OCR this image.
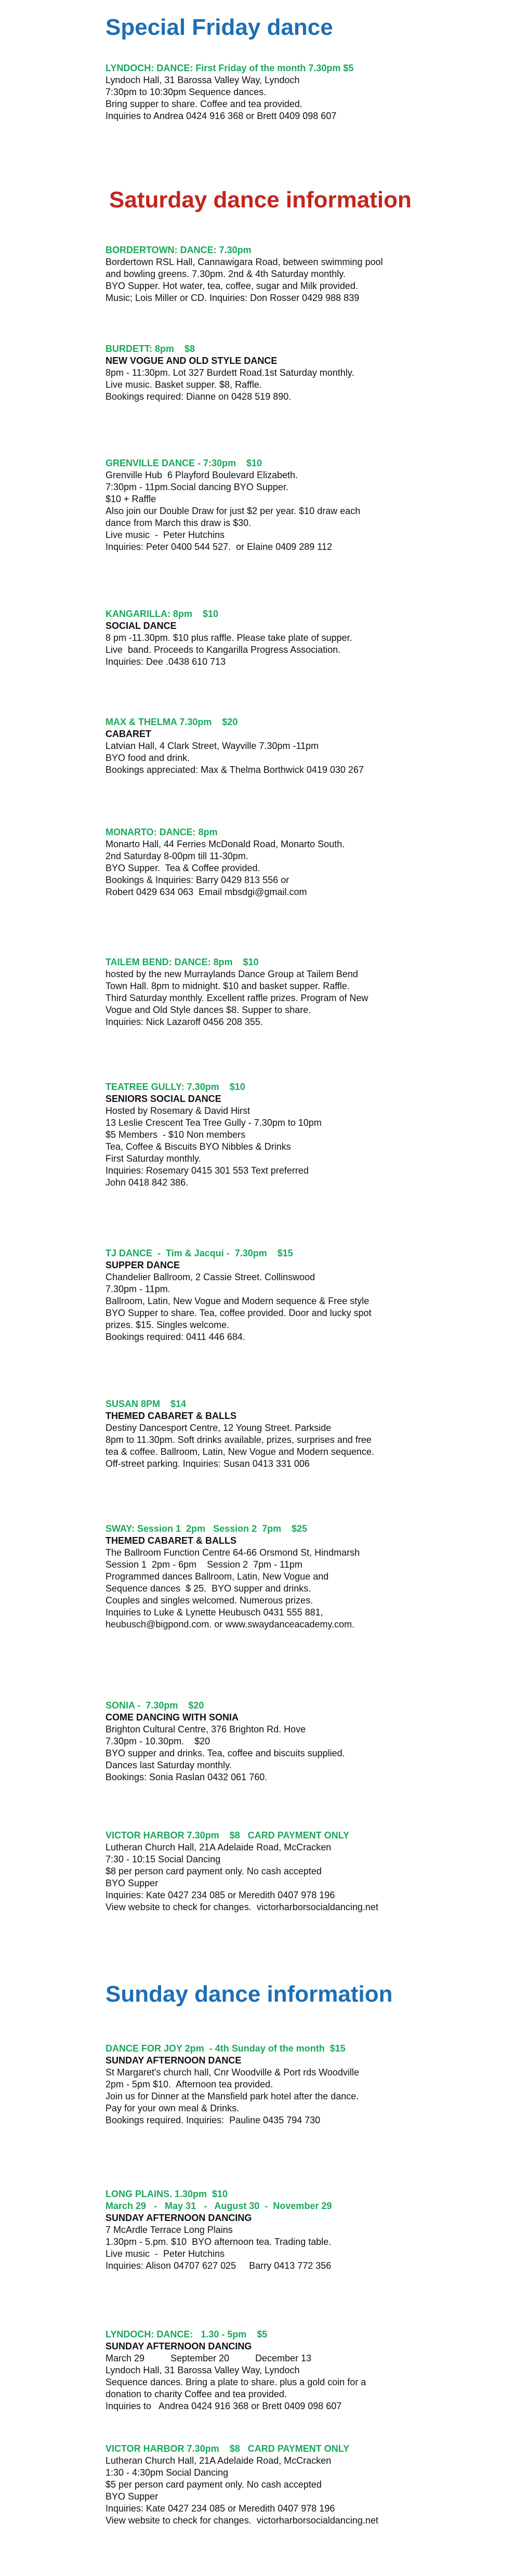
Special Friday dance
Saturday dance information
Sunday dance information

LYNDOCH: DANCE: First Friday of the month 7.30pm $5

Lyndoch Hall, 31 Barossa Valley Way, Lyndoch

7:30pm to 10:30pm Sequence dances.

Bring supper to share. Coffee and tea provided.

Inquiries to Andrea 0424 916 368 or Brett 0409 098 607

BORDERTOWN: DANCE: 7.30pm

Bordertown RSL Hall, Cannawigara Road, between swimming pool

and bowling greens. 7.30pm. 2nd & 4th Saturday monthly.

BYO Supper. Hot water, tea, coffee, sugar and Milk provided.

Music; Lois Miller or CD. Inquiries: Don Rosser 0429 988 839

BURDETT: 8pm    $8

NEW VOGUE AND OLD STYLE DANCE

8pm - 11:30pm. Lot 327 Burdett Road.1st Saturday monthly.

Live music. Basket supper. $8, Raffle.

Bookings required: Dianne on 0428 519 890.

GRENVILLE DANCE - 7:30pm    $10

Grenville Hub  6 Playford Boulevard Elizabeth.

7:30pm - 11pm.Social dancing BYO Supper.

$10 + Raffle

Also join our Double Draw for just $2 per year. $10 draw each

dance from March this draw is $30.

Live music  -  Peter Hutchins

Inquiries: Peter 0400 544 527.  or Elaine 0409 289 112

KANGARILLA: 8pm    $10

SOCIAL DANCE

8 pm -11.30pm. $10 plus raffle. Please take plate of supper.

Live  band. Proceeds to Kangarilla Progress Association.

Inquiries: Dee .0438 610 713

MAX & THELMA 7.30pm    $20

CABARET

Latvian Hall, 4 Clark Street, Wayville 7.30pm -11pm

BYO food and drink.

Bookings appreciated: Max & Thelma Borthwick 0419 030 267

MONARTO: DANCE: 8pm

Monarto Hall, 44 Ferries McDonald Road, Monarto South.

2nd Saturday 8-00pm till 11-30pm.

BYO Supper.  Tea & Coffee provided.

Bookings & Inquiries: Barry 0429 813 556 or

Robert 0429 634 063  Email mbsdgi@gmail.com

TAILEM BEND: DANCE: 8pm    $10

hosted by the new Murraylands Dance Group at Tailem Bend

Town Hall. 8pm to midnight. $10 and basket supper. Raffle.

Third Saturday monthly. Excellent raffle prizes. Program of New

Vogue and Old Style dances $8. Supper to share.

Inquiries: Nick Lazaroff 0456 208 355.

TEATREE GULLY: 7.30pm    $10

SENIORS SOCIAL DANCE

Hosted by Rosemary & David Hirst

13 Leslie Crescent Tea Tree Gully - 7.30pm to 10pm

$5 Members  - $10 Non members

Tea, Coffee & Biscuits BYO Nibbles & Drinks

First Saturday monthly.

Inquiries: Rosemary 0415 301 553 Text preferred

John 0418 842 386.

TJ DANCE  -  Tim & Jacqui -  7.30pm    $15

SUPPER DANCE

Chandelier Ballroom, 2 Cassie Street. Collinswood

7.30pm - 11pm.

Ballroom, Latin, New Vogue and Modern sequence & Free style

BYO Supper to share. Tea, coffee provided. Door and lucky spot

prizes. $15. Singles welcome.

Bookings required: 0411 446 684.

SUSAN 8PM    $14

THEMED CABARET & BALLS

Destiny Dancesport Centre, 12 Young Street. Parkside

8pm to 11.30pm. Soft drinks available, prizes, surprises and free

tea & coffee. Ballroom, Latin, New Vogue and Modern sequence.

Off-street parking. Inquiries: Susan 0413 331 006

SWAY: Session 1  2pm   Session 2  7pm    $25

THEMED CABARET & BALLS

The Ballroom Function Centre 64-66 Orsmond St, Hindmarsh

Session 1  2pm - 6pm    Session 2  7pm - 11pm

Programmed dances Ballroom, Latin, New Vogue and

Sequence dances  $ 25.  BYO supper and drinks.

Couples and singles welcomed. Numerous prizes.

Inquiries to Luke & Lynette Heubusch 0431 555 881,

heubusch@bigpond.com. or www.swaydanceacademy.com.

SONIA -  7.30pm    $20

COME DANCING WITH SONIA

Brighton Cultural Centre, 376 Brighton Rd. Hove

7.30pm - 10.30pm.    $20

BYO supper and drinks. Tea, coffee and biscuits supplied.

Dances last Saturday monthly.

Bookings: Sonia Raslan 0432 061 760.

VICTOR HARBOR 7.30pm    $8   CARD PAYMENT ONLY

Lutheran Church Hall, 21A Adelaide Road, McCracken

7:30 - 10:15 Social Dancing

$8 per person card payment only. No cash accepted

BYO Supper

Inquiries: Kate 0427 234 085 or Meredith 0407 978 196

View website to check for changes.  victorharborsocialdancing.net

DANCE FOR JOY 2pm  - 4th Sunday of the month  $15

SUNDAY AFTERNOON DANCE

St Margaret's church hall, Cnr Woodville & Port rds Woodville

2pm - 5pm $10.  Afternoon tea provided.

Join us for Dinner at the Mansfield park hotel after the dance.

Pay for your own meal & Drinks.

Bookings required. Inquiries:  Pauline 0435 794 730

LONG PLAINS. 1.30pm  $10
March 29   -   May 31   -   August 30  -  November 29

SUNDAY AFTERNOON DANCING

7 McArdle Terrace Long Plains

1.30pm - 5.pm. $10  BYO afternoon tea. Trading table.

Live music  -  Peter Hutchins

Inquiries: Alison 04707 627 025     Barry 0413 772 356

LYNDOCH: DANCE:   1.30 - 5pm    $5

SUNDAY AFTERNOON DANCING

March 29          September 20          December 13

Lyndoch Hall, 31 Barossa Valley Way, Lyndoch

Sequence dances. Bring a plate to share. plus a gold coin for a

donation to charity Coffee and tea provided.

Inquiries to   Andrea 0424 916 368 or Brett 0409 098 607

VICTOR HARBOR 7.30pm    $8   CARD PAYMENT ONLY

Lutheran Church Hall, 21A Adelaide Road, McCracken

1:30 - 4:30pm Social Dancing

$5 per person card payment only. No cash accepted

BYO Supper

Inquiries: Kate 0427 234 085 or Meredith 0407 978 196

View website to check for changes.  victorharborsocialdancing.net
